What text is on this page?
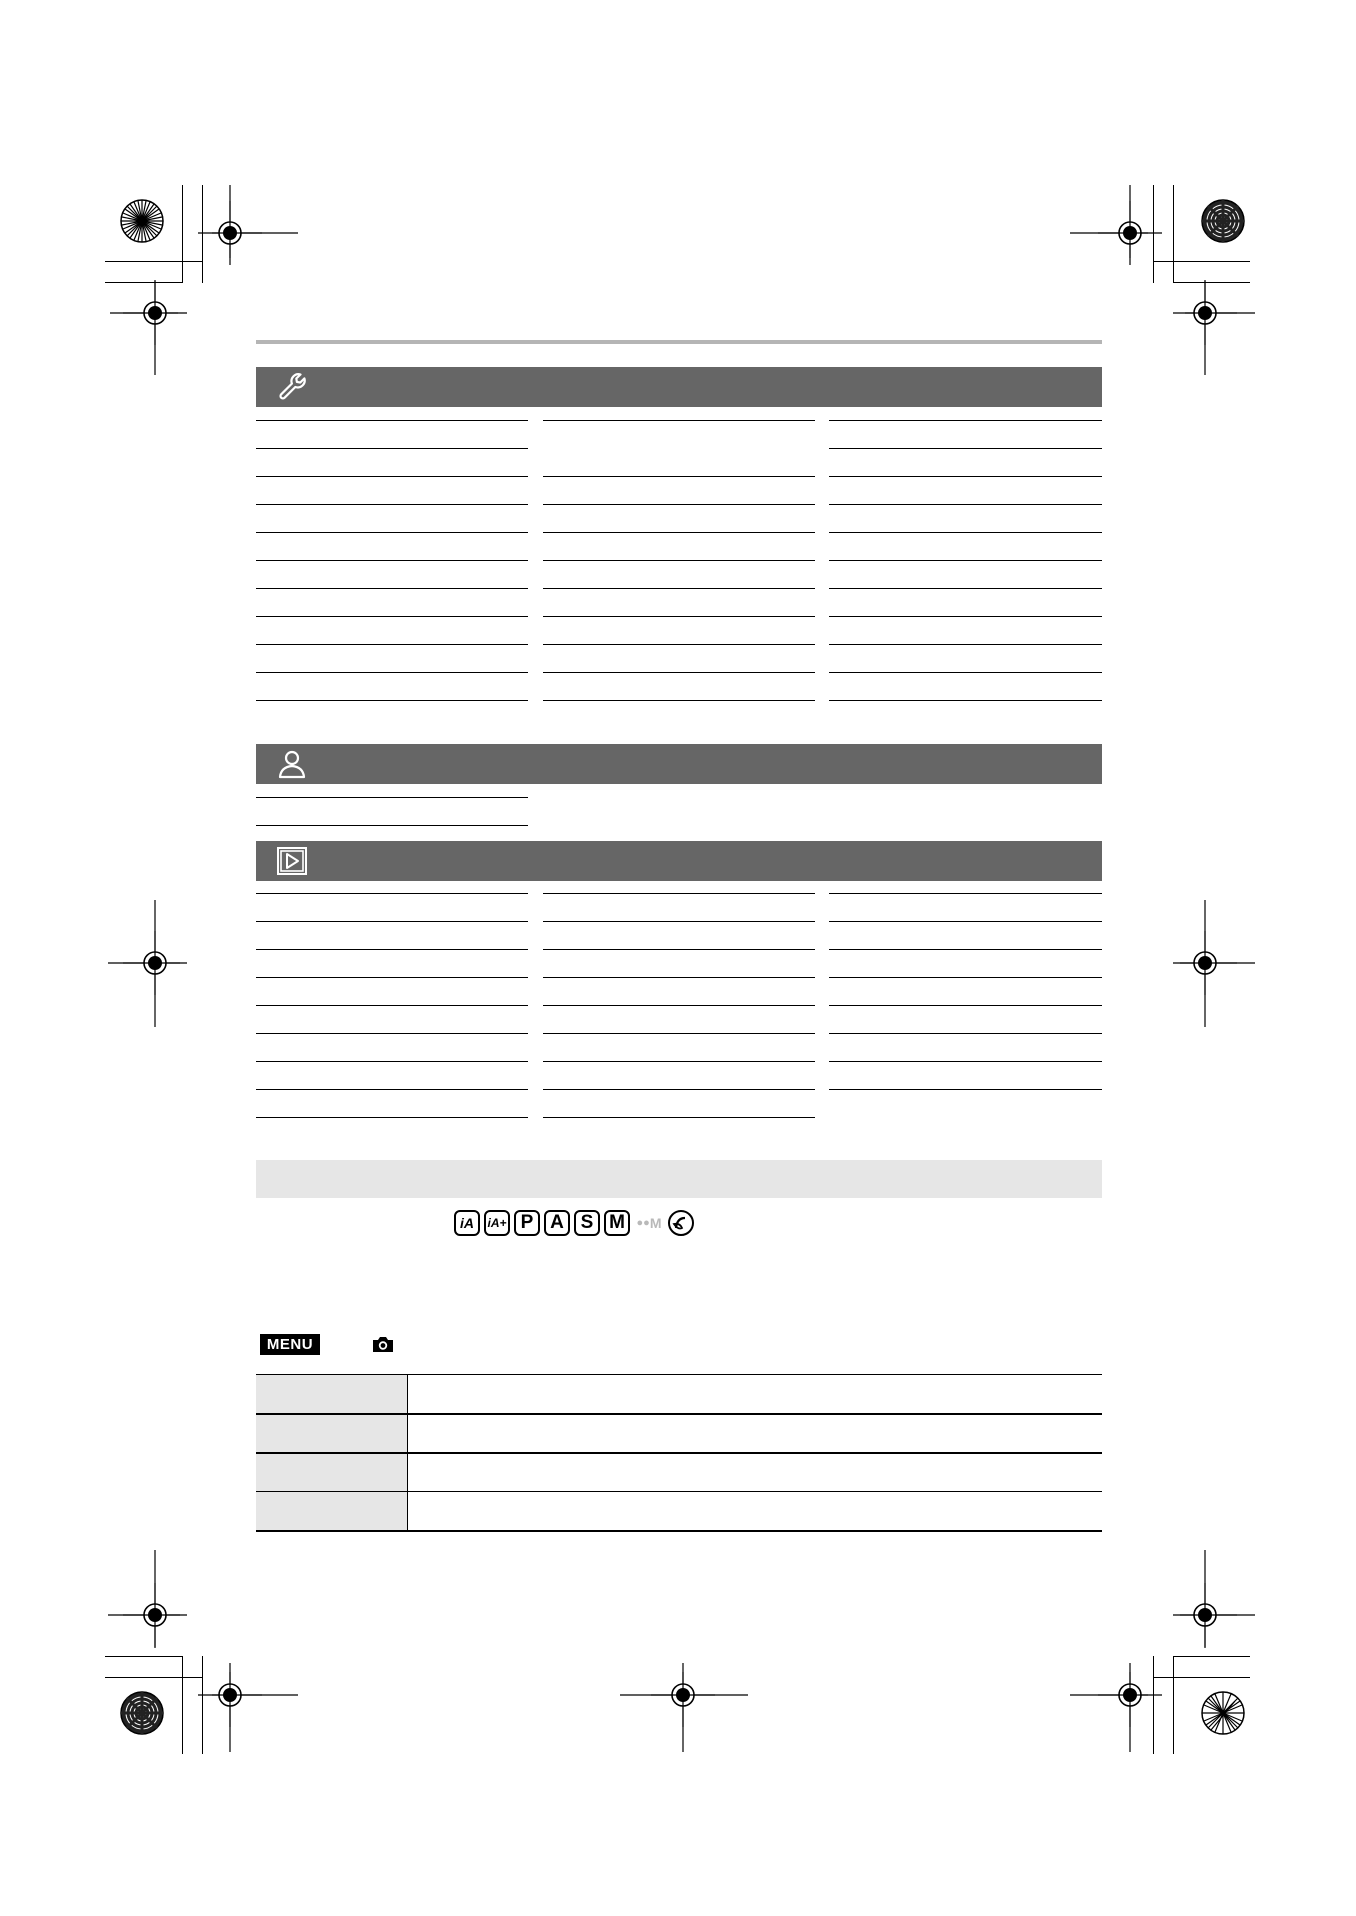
iA	iA+ P A S M	●● M
MENU
